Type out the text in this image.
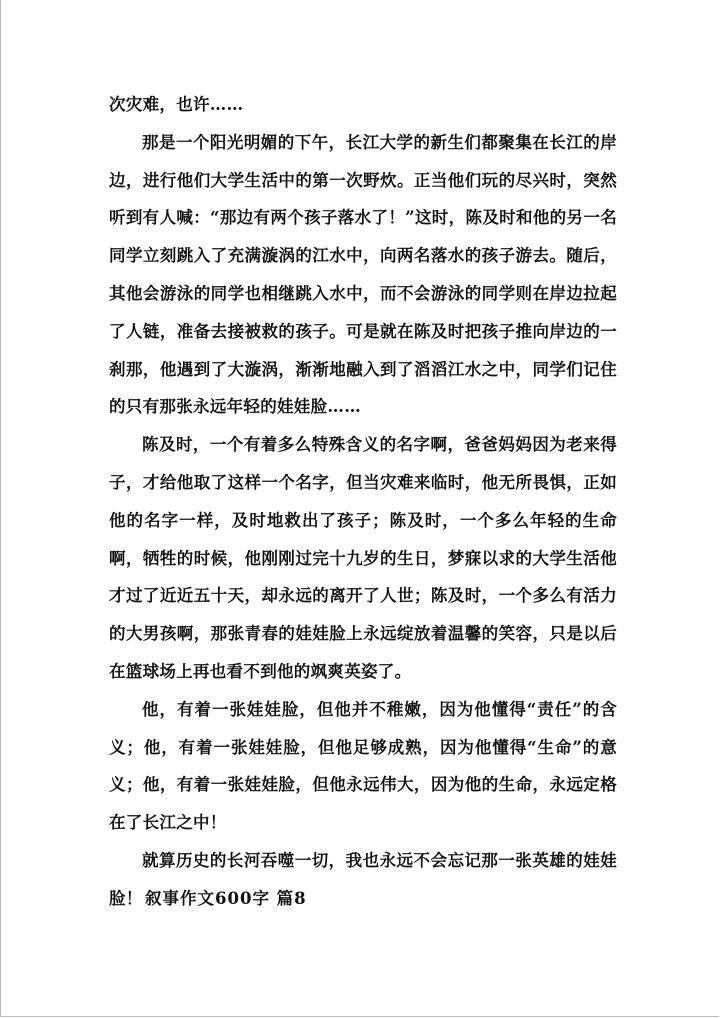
次灾难，也许……

那是一个阳光明媚的下午，长江大学的新生们都聚集在长江的岸边，进行他们大学生活中的第一次野炊。正当他们玩的尽兴时，突然听到有人喊：“那边有两个孩子落水了！”这时，陈及时和他的另一名同学立刻跳入了充满漩涡的江水中，向两名落水的孩子游去。随后，其他会游泳的同学也相继跳入水中，而不会游泳的同学则在岸边拉起了人链，准备去接被救的孩子。可是就在陈及时把孩子推向岸边的一刹那，他遇到了大漩涡，渐渐地融入到了滔滔江水之中，同学们记住的只有那张永远年轻的娃娃脸……

陈及时，一个有着多么特殊含义的名字啊，爸爸妈妈因为老来得子，才给他取了这样一个名字，但当灾难来临时，他无所畏惧，正如他的名字一样，及时地救出了孩子；陈及时，一个多么年轻的生命啊，牺牲的时候，他刚刚过完十九岁的生日，梦寐以求的大学生活他才过了近近五十天，却永远的离开了人世；陈及时，一个多么有活力的大男孩啊，那张青春的娃娃脸上永远绽放着温馨的笑容，只是以后在篮球场上再也看不到他的飒爽英姿了。

他，有着一张娃娃脸，但他并不稚嫩，因为他懂得“责任”的含义；他，有着一张娃娃脸，但他足够成熟，因为他懂得“生命”的意义；他，有着一张娃娃脸，但他永远伟大，因为他的生命，永远定格在了长江之中！

就算历史的长河吞噬一切，我也永远不会忘记那一张英雄的娃娃脸！ 叙事作文600字 篇8
